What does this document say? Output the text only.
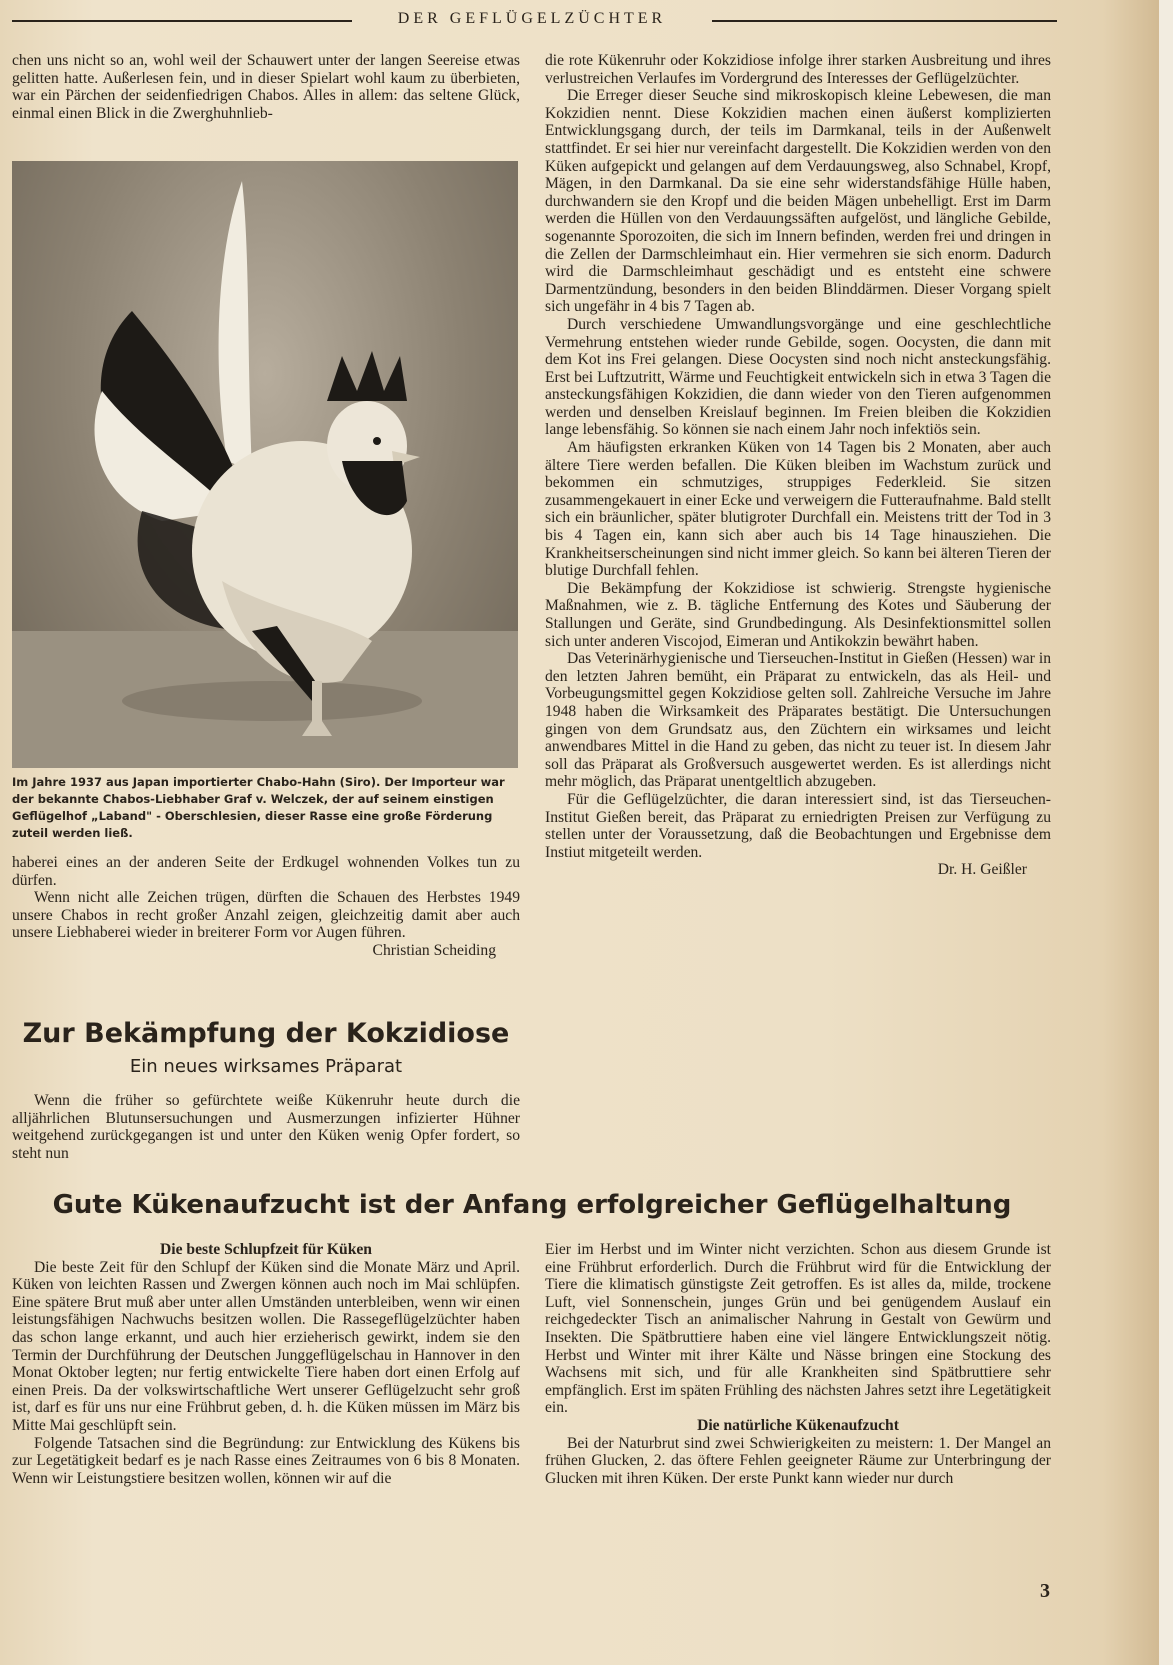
DER GEFLÜGELZÜCHTER

chen uns nicht so an, wohl weil der Schauwert unter der langen Seereise etwas gelitten hatte. Außerlesen fein, und in dieser Spielart wohl kaum zu überbieten, war ein Pärchen der seidenfiedrigen Chabos. Alles in allem: das seltene Glück, einmal einen Blick in die Zwerghuhnlieb-

Im Jahre 1937 aus Japan importierter Chabo-Hahn (Siro). Der Importeur war der bekannte Chabos-Liebhaber Graf v. Welczek, der auf seinem einstigen Geflügelhof „Laband" - Oberschlesien, dieser Rasse eine große Förderung zuteil werden ließ.

haberei eines an der anderen Seite der Erdkugel wohnenden Volkes tun zu dürfen.

Wenn nicht alle Zeichen trügen, dürften die Schauen des Herbstes 1949 unsere Chabos in recht großer Anzahl zeigen, gleichzeitig damit aber auch unsere Liebhaberei wieder in breiterer Form vor Augen führen.

Christian Scheiding

Zur Bekämpfung der Kokzidiose
Ein neues wirksames Präparat

Wenn die früher so gefürchtete weiße Kükenruhr heute durch die alljährlichen Blutunsersuchungen und Ausmerzungen infizierter Hühner weitgehend zurückgegangen ist und unter den Küken wenig Opfer fordert, so steht nun

die rote Kükenruhr oder Kokzidiose infolge ihrer starken Ausbreitung und ihres verlustreichen Verlaufes im Vordergrund des Interesses der Geflügelzüchter.

Die Erreger dieser Seuche sind mikroskopisch kleine Lebewesen, die man Kokzidien nennt. Diese Kokzidien machen einen äußerst komplizierten Entwicklungsgang durch, der teils im Darmkanal, teils in der Außenwelt stattfindet. Er sei hier nur vereinfacht dargestellt. Die Kokzidien werden von den Küken aufgepickt und gelangen auf dem Verdauungsweg, also Schnabel, Kropf, Mägen, in den Darmkanal. Da sie eine sehr widerstandsfähige Hülle haben, durchwandern sie den Kropf und die beiden Mägen unbehelligt. Erst im Darm werden die Hüllen von den Verdauungssäften aufgelöst, und längliche Gebilde, sogenannte Sporozoiten, die sich im Innern befinden, werden frei und dringen in die Zellen der Darmschleimhaut ein. Hier vermehren sie sich enorm. Dadurch wird die Darmschleimhaut geschädigt und es entsteht eine schwere Darmentzündung, besonders in den beiden Blinddärmen. Dieser Vorgang spielt sich ungefähr in 4 bis 7 Tagen ab.

Durch verschiedene Umwandlungsvorgänge und eine geschlechtliche Vermehrung entstehen wieder runde Gebilde, sogen. Oocysten, die dann mit dem Kot ins Frei gelangen. Diese Oocysten sind noch nicht ansteckungsfähig. Erst bei Luftzutritt, Wärme und Feuchtigkeit entwickeln sich in etwa 3 Tagen die ansteckungsfähigen Kokzidien, die dann wieder von den Tieren aufgenommen werden und denselben Kreislauf beginnen. Im Freien bleiben die Kokzidien lange lebensfähig. So können sie nach einem Jahr noch infektiös sein.

Am häufigsten erkranken Küken von 14 Tagen bis 2 Monaten, aber auch ältere Tiere werden befallen. Die Küken bleiben im Wachstum zurück und bekommen ein schmutziges, struppiges Federkleid. Sie sitzen zusammengekauert in einer Ecke und verweigern die Futteraufnahme. Bald stellt sich ein bräunlicher, später blutigroter Durchfall ein. Meistens tritt der Tod in 3 bis 4 Tagen ein, kann sich aber auch bis 14 Tage hinausziehen. Die Krankheitserscheinungen sind nicht immer gleich. So kann bei älteren Tieren der blutige Durchfall fehlen.

Die Bekämpfung der Kokzidiose ist schwierig. Strengste hygienische Maßnahmen, wie z. B. tägliche Entfernung des Kotes und Säuberung der Stallungen und Geräte, sind Grundbedingung. Als Desinfektionsmittel sollen sich unter anderen Viscojod, Eimeran und Antikokzin bewährt haben.

Das Veterinärhygienische und Tierseuchen-Institut in Gießen (Hessen) war in den letzten Jahren bemüht, ein Präparat zu entwickeln, das als Heil- und Vorbeugungsmittel gegen Kokzidiose gelten soll. Zahlreiche Versuche im Jahre 1948 haben die Wirksamkeit des Präparates bestätigt. Die Untersuchungen gingen von dem Grundsatz aus, den Züchtern ein wirksames und leicht anwendbares Mittel in die Hand zu geben, das nicht zu teuer ist. In diesem Jahr soll das Präparat als Großversuch ausgewertet werden. Es ist allerdings nicht mehr möglich, das Präparat unentgeltlich abzugeben.

Für die Geflügelzüchter, die daran interessiert sind, ist das Tierseuchen-Institut Gießen bereit, das Präparat zu erniedrigten Preisen zur Verfügung zu stellen unter der Voraussetzung, daß die Beobachtungen und Ergebnisse dem Instiut mitgeteilt werden.

Dr. H. Geißler

Gute Kükenaufzucht ist der Anfang erfolgreicher Geflügelhaltung

Die beste Schlupfzeit für Küken

Die beste Zeit für den Schlupf der Küken sind die Monate März und April. Küken von leichten Rassen und Zwergen können auch noch im Mai schlüpfen. Eine spätere Brut muß aber unter allen Umständen unterbleiben, wenn wir einen leistungsfähigen Nachwuchs besitzen wollen. Die Rassegeflügelzüchter haben das schon lange erkannt, und auch hier erzieherisch gewirkt, indem sie den Termin der Durchführung der Deutschen Junggeflügelschau in Hannover in den Monat Oktober legten; nur fertig entwickelte Tiere haben dort einen Erfolg auf einen Preis. Da der volkswirtschaftliche Wert unserer Geflügelzucht sehr groß ist, darf es für uns nur eine Frühbrut geben, d. h. die Küken müssen im März bis Mitte Mai geschlüpft sein.

Folgende Tatsachen sind die Begründung: zur Entwicklung des Kükens bis zur Legetätigkeit bedarf es je nach Rasse eines Zeitraumes von 6 bis 8 Monaten. Wenn wir Leistungstiere besitzen wollen, können wir auf die

Eier im Herbst und im Winter nicht verzichten. Schon aus diesem Grunde ist eine Frühbrut erforderlich. Durch die Frühbrut wird für die Entwicklung der Tiere die klimatisch günstigste Zeit getroffen. Es ist alles da, milde, trockene Luft, viel Sonnenschein, junges Grün und bei genügendem Auslauf ein reichgedeckter Tisch an animalischer Nahrung in Gestalt von Gewürm und Insekten. Die Spätbruttiere haben eine viel längere Entwicklungszeit nötig. Herbst und Winter mit ihrer Kälte und Nässe bringen eine Stockung des Wachsens mit sich, und für alle Krankheiten sind Spätbruttiere sehr empfänglich. Erst im späten Frühling des nächsten Jahres setzt ihre Legetätigkeit ein.

Die natürliche Kükenaufzucht

Bei der Naturbrut sind zwei Schwierigkeiten zu meistern: 1. Der Mangel an frühen Glucken, 2. das öftere Fehlen geeigneter Räume zur Unterbringung der Glucken mit ihren Küken. Der erste Punkt kann wieder nur durch

3
